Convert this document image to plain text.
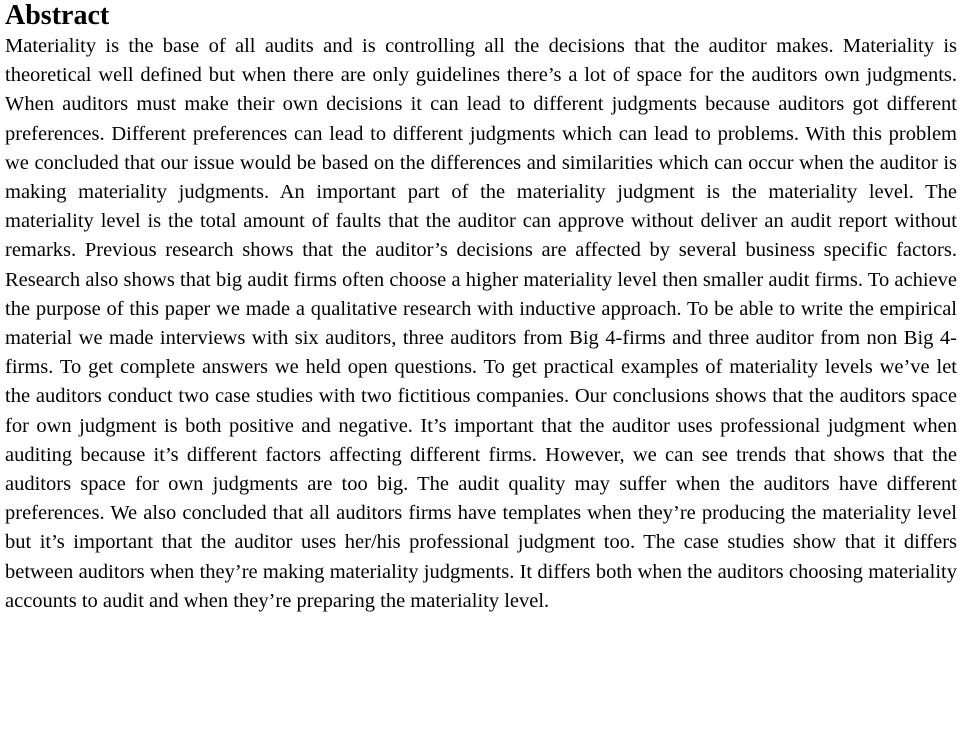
Abstract

Materiality is the base of all audits and is controlling all the decisions that the auditor makes. Materiality is theoretical well defined but when there are only guidelines there’s a lot of space for the auditors own judgments. When auditors must make their own decisions it can lead to different judgments because auditors got different preferences. Different preferences can lead to different judgments which can lead to problems. With this problem we concluded that our issue would be based on the differences and similarities which can occur when the auditor is making materiality judgments. An important part of the materiality judgment is the materiality level. The materiality level is the total amount of faults that the auditor can approve without deliver an audit report without remarks. Previous research shows that the auditor’s decisions are affected by several business specific factors. Research also shows that big audit firms often choose a higher materiality level then smaller audit firms. To achieve the purpose of this paper we made a qualitative research with inductive approach. To be able to write the empirical material we made interviews with six auditors, three auditors from Big 4-firms and three auditor from non Big 4-firms. To get complete answers we held open questions. To get practical examples of materiality levels we’ve let the auditors conduct two case studies with two fictitious companies. Our conclusions shows that the auditors space for own judgment is both positive and negative. It’s important that the auditor uses professional judgment when auditing because it’s different factors affecting different firms. However, we can see trends that shows that the auditors space for own judgments are too big. The audit quality may suffer when the auditors have different preferences. We also concluded that all auditors firms have templates when they’re producing the materiality level but it’s important that the auditor uses her/his professional judgment too. The case studies show that it differs between auditors when they’re making materiality judgments. It differs both when the auditors choosing materiality accounts to audit and when they’re preparing the materiality level.
